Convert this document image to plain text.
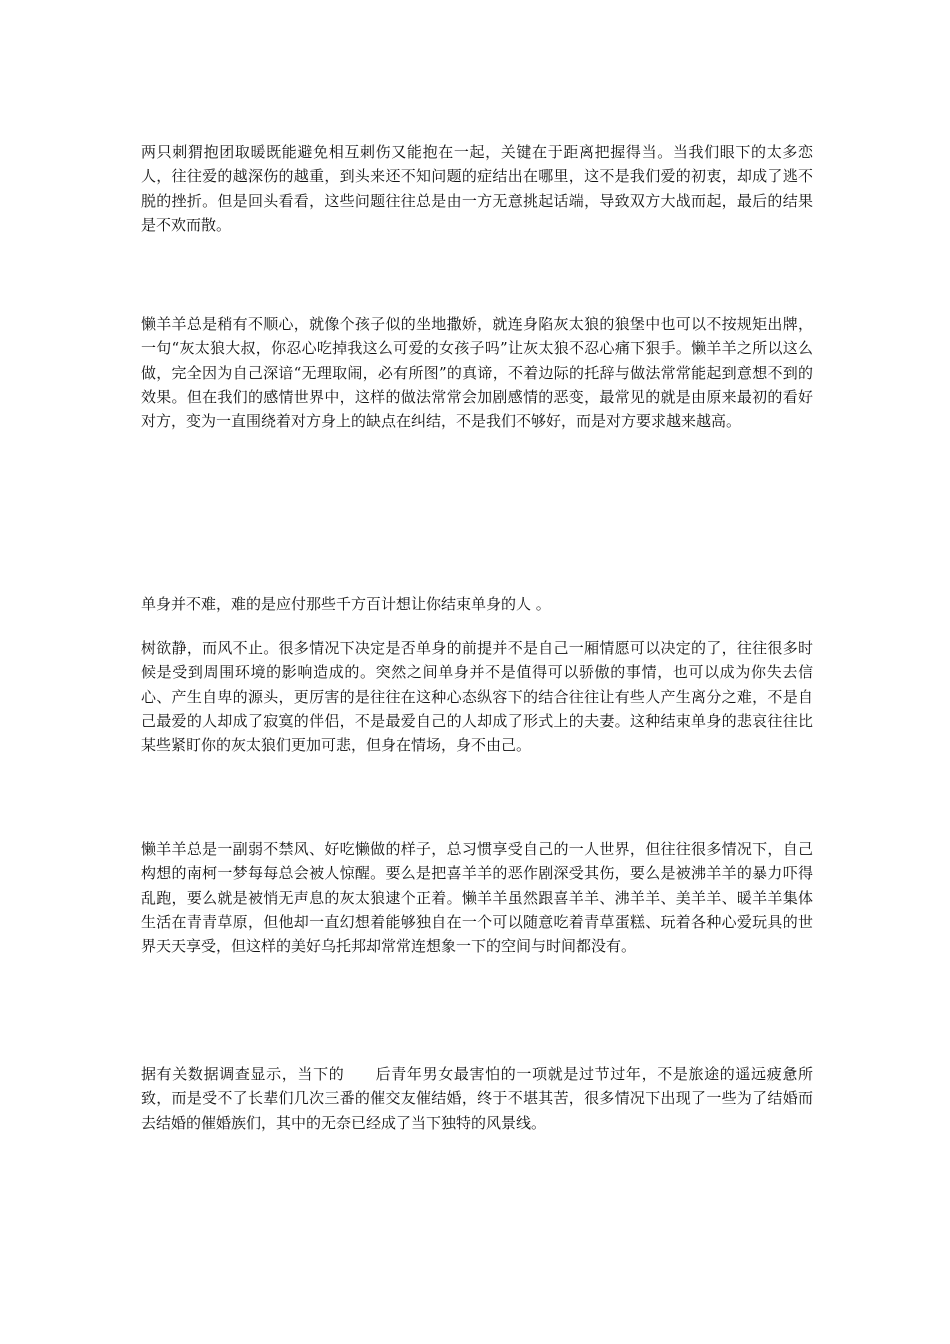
两只刺猬抱团取暖既能避免相互刺伤又能抱在一起，关键在于距离把握得当。当我们眼下的太多恋人，往往爱的越深伤的越重，到头来还不知问题的症结出在哪里，这不是我们爱的初衷，却成了逃不脱的挫折。但是回头看看，这些问题往往总是由一方无意挑起话端，导致双方大战而起，最后的结果是不欢而散。

懒羊羊总是稍有不顺心，就像个孩子似的坐地撒娇，就连身陷灰太狼的狼堡中也可以不按规矩出牌，一句“灰太狼大叔，你忍心吃掉我这么可爱的女孩子吗”让灰太狼不忍心痛下狠手。懒羊羊之所以这么做，完全因为自己深谙“无理取闹，必有所图”的真谛，不着边际的托辞与做法常常能起到意想不到的效果。但在我们的感情世界中，这样的做法常常会加剧感情的恶变，最常见的就是由原来最初的看好对方，变为一直围绕着对方身上的缺点在纠结，不是我们不够好，而是对方要求越来越高。

单身并不难，难的是应付那些千方百计想让你结束单身的人 。

树欲静，而风不止。很多情况下决定是否单身的前提并不是自己一厢情愿可以决定的了，往往很多时候是受到周围环境的影响造成的。突然之间单身并不是值得可以骄傲的事情，也可以成为你失去信心、产生自卑的源头，更厉害的是往往在这种心态纵容下的结合往往让有些人产生离分之难，不是自己最爱的人却成了寂寞的伴侣，不是最爱自己的人却成了形式上的夫妻。这种结束单身的悲哀往往比某些紧盯你的灰太狼们更加可悲，但身在情场，身不由己。

懒羊羊总是一副弱不禁风、好吃懒做的样子，总习惯享受自己的一人世界，但往往很多情况下，自己构想的南柯一梦每每总会被人惊醒。要么是把喜羊羊的恶作剧深受其伤，要么是被沸羊羊的暴力吓得乱跑，要么就是被悄无声息的灰太狼逮个正着。懒羊羊虽然跟喜羊羊、沸羊羊、美羊羊、暖羊羊集体生活在青青草原，但他却一直幻想着能够独自在一个可以随意吃着青草蛋糕、玩着各种心爱玩具的世界天天享受，但这样的美好乌托邦却常常连想象一下的空间与时间都没有。

据有关数据调查显示，当下的　　后青年男女最害怕的一项就是过节过年，不是旅途的遥远疲惫所致，而是受不了长辈们几次三番的催交友催结婚，终于不堪其苦，很多情况下出现了一些为了结婚而去结婚的催婚族们，其中的无奈已经成了当下独特的风景线。
